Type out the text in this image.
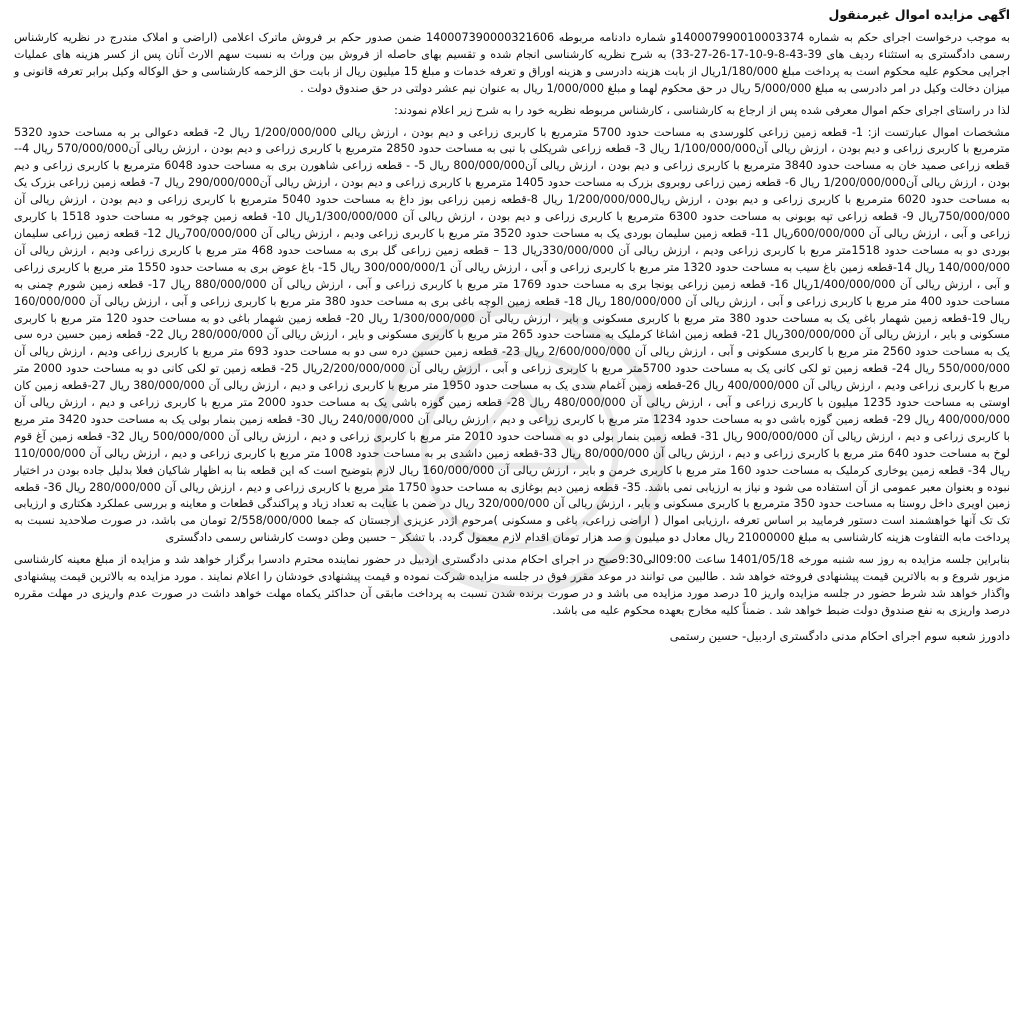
اگهی مزایده اموال غیرمنقول

به موجب درخواست اجرای حکم به شماره 140007990010003374و شماره دادنامه مربوطه 140007390000321606 ضمن صدور حکم بر فروش ماترک اعلامی (اراضی و املاک مندرج در نظریه کارشناس رسمی دادگستری به استثناء ردیف های 39-43-8-9-10-17-26-27-33) به شرح نظریه کارشناسی انجام شده و تقسیم بهای حاصله از فروش بین وراث به نسبت سهم الارث آنان پس از کسر هزینه های عملیات اجرایی محکوم علیه محکوم است به پرداخت مبلغ 1/180/000ریال از بابت هزینه دادرسی و هزینه اوراق و تعرفه خدمات و مبلغ 15 میلیون ریال از بابت حق الزحمه کارشناسی و حق الوکاله وکیل برابر تعرفه قانونی و میزان دخالت وکیل در امر دادرسی به مبلغ 5/000/000 ریال در حق محکوم لهما و مبلغ 1/000/000 ریال به عنوان نیم عشر دولتی در حق صندوق دولت .

لذا در راستای اجرای حکم اموال معرفی شده پس از ارجاع به کارشناسی ، کارشناس مربوطه نظریه خود را به شرح زیر اعلام نمودند:

مشخصات اموال عبارتست از: 1- قطعه زمین زراعی کلورسدی به مساحت حدود 5700 مترمربع با کاربری زراعی و دیم بودن ، ارزش ریالی 1/200/000/000 ریال 2- قطعه دعوالی بر به مساحت حدود 5320 مترمربع با کاربری زراعی و دیم بودن ، ارزش ریالی آن1/100/000/000 ریال 3- قطعه زراعی شریکلی با نبی به مساحت حدود 2850 مترمربع با کاربری زراعی و دیم بودن ، ارزش ریالی آن570/000/000 ریال 4-- قطعه زراعی صمید خان به مساحت حدود 3840 مترمربع با کاربری زراعی و دیم بودن ، ارزش ریالی آن800/000/000 ریال 5- - قطعه زراعی شاهورن بری به مساحت حدود 6048 مترمربع با کاربری زراعی و دیم بودن ، ارزش ریالی آن1/200/000/000 ریال 6- قطعه زمین زراعی روبروی بزرک به مساحت حدود 1405 مترمربع با کاربری زراعی و دیم بودن ، ارزش ریالی آن290/000/000 ریال 7- قطعه زمین زراعی بزرک یک به مساحت حدود 6020 مترمربع با کاربری زراعی و دیم بودن ، ارزش ریال1/200/000/000 ریال 8-قطعه زمین زراعی بوز داغ به مساحت حدود 5040 مترمربع با کاربری زراعی و دیم بودن ، ارزش ریالی آن 750/000/000ریال 9- قطعه زراعی تپه بوبونی به مساحت حدود 6300 مترمربع با کاربری زراعی و دیم بودن ، ارزش ریالی آن 1/300/000/000ریال 10- قطعه زمین چوخور به مساحت حدود 1518 با کاربری زراعی و آبی ، ارزش ریالی آن 600/000/000ریال 11- قطعه زمین سلیمان بوردی یک به مساحت حدود 3520 متر مربع با کاربری زراعی ودیم ، ارزش ریالی آن 700/000/000ریال 12- قطعه زمین زراعی سلیمان بوردی دو به مساحت حدود 1518متر مربع با کاربری زراعی ودیم ، ارزش ریالی آن 330/000/000ریال 13 – قطعه زمین زراعی گل بری به مساحت حدود 468 متر مربع با کاربری زراعی ودیم ، ارزش ریالی آن 140/000/000 ریال 14-قطعه زمین باغ سیب به مساحت حدود 1320 متر مربع با کاربری زراعی و آبی ، ارزش ریالی آن 300/000/000/1 ریال 15- باغ عوض بری به مساحت حدود 1550 متر مربع با کاربری زراعی و آبی ، ارزش ریالی آن 1/400/000/000ریال 16- قطعه زمین زراعی یونجا بری به مساحت حدود 1769 متر مربع با کاربری زراعی و آبی ، ارزش ریالی آن 880/000/000 ریال 17- قطعه زمین شورم چمنی به مساحت حدود 400 متر مربع با کاربری زراعی و آبی ، ارزش ریالی آن 180/000/000 ریال 18- قطعه زمین الوچه باغی بری به مساحت حدود 380 متر مربع با کاربری زراعی و آبی ، ارزش ریالی آن 160/000/000 ریال 19-قطعه زمین شهمار باغی یک به مساحت حدود 380 متر مربع با کاربری مسکونی و بایر ، ارزش ریالی آن 1/300/000/000 ریال 20- قطعه زمین شهمار باغی دو به مساحت حدود 120 متر مربع با کاربری مسکونی و بایر ، ارزش ریالی آن 300/000/000ریال 21- قطعه زمین اشاغا کرملیک به مساحت حدود 265 متر مربع با کاربری مسکونی و بایر ، ارزش ریالی آن 280/000/000 ریال 22- قطعه زمین حسین دره سی یک به مساحت حدود 2560 متر مربع با کاربری مسکونی و آبی ، ارزش ریالی آن 2/600/000/000 ریال 23- قطعه زمین حسین دره سی دو به مساحت حدود 693 متر مربع با کاربری زراعی ودیم ، ارزش ریالی آن 550/000/000 ریال 24- قطعه زمین تو لکی کانی یک به مساحت حدود 5700متر مربع با کاربری زراعی و آبی ، ارزش ریالی آن 2/200/000/000ریال 25- قطعه زمین تو لکی کانی دو به مساحت حدود 2000 متر مربع با کاربری زراعی ودیم ، ارزش ریالی آن 400/000/000 ریال 26-قطعه زمین آغمام سدی یک به مساحت حدود 1950 متر مربع با کاربری زراعی و دیم ، ارزش ریالی آن 380/000/000 ریال 27-قطعه زمین کان اوستی به مساحت حدود 1235 میلیون با کاربری زراعی و آبی ، ارزش ریالی آن 480/000/000 ریال 28- قطعه زمین گوزه باشی یک به مساحت حدود 2000 متر مربع با کاربری زراعی و دیم ، ارزش ریالی آن 400/000/000 ریال 29- قطعه زمین گوزه باشی دو به مساحت حدود 1234 متر مربع با کاربری زراعی و دیم ، ارزش ریالی آن 240/000/000 ریال 30- قطعه زمین بنمار بولی یک به مساحت حدود 3420 متر مربع با کاربری زراعی و دیم ، ارزش ریالی آن 900/000/000 ریال 31- قطعه زمین بنمار بولی دو به مساحت حدود 2010 متر مربع با کاربری زراعی و دیم ، ارزش ریالی آن 500/000/000 ریال 32- قطعه زمین آغ قوم لوخ به مساحت حدود 640 متر مربع با کاربری زراعی و دیم ، ارزش ریالی آن 80/000/000 ریال 33-قطعه زمین داشدی بر به مساحت حدود 1008 متر مربع با کاربری زراعی و دیم ، ارزش ریالی آن 110/000/000 ریال 34- قطعه زمین یوخاری کرملیک به مساحت حدود 160 متر مربع با کاربری خرمن و بایر ، ارزش ریالی آن 160/000/000 ریال لازم بتوضیح است که این قطعه بنا به اظهار شاکیان فعلا بدلیل جاده بودن در اختیار نبوده و بعنوان معبر عمومی از آن استفاده می شود و نیاز به ارزیابی نمی باشد. 35- قطعه زمین دیم بوغازی به مساحت حدود 1750 متر مربع با کاربری زراعی و دیم ، ارزش ریالی آن 280/000/000 ریال 36- قطعه زمین اویری داخل روستا به مساحت حدود 350 مترمربع با کاربری مسکونی و بایر ، ارزش ریالی آن 320/000/000 ریال در ضمن با عنایت به تعداد زیاد و پراکندگی قطعات و معاینه و بررسی عملکرد هکتاری و ارزیابی تک تک آنها خواهشمند است دستور فرمایید بر اساس تعرفه ،ارزیابی اموال ( اراضی زراعی، باغی و مسکونی )مرحوم اژدر عزیزی ارجستان که جمعا 2/558/000/000 تومان می باشد، در صورت صلاحدید نسبت به پرداخت مابه التفاوت هزینه کارشناسی به مبلغ 21000000 ریال معادل دو میلیون و صد هزار تومان اقدام لازم معمول گردد. با تشکر – حسین وطن دوست کارشناس رسمی دادگستری

بنابراین جلسه مزایده به روز سه شنبه مورخه 1401/05/18 ساعت 09:00الی9:30صبح در اجرای احکام مدنی دادگستری اردبیل در حضور نماینده محترم دادسرا برگزار خواهد شد و مزایده از مبلغ معینه کارشناسی مزبور شروع و به بالاترین قیمت پیشنهادی فروخته خواهد شد . طالبین می توانند در موعد مقرر فوق در جلسه مزایده شرکت نموده و قیمت پیشنهادی خودشان را اعلام نمایند . مورد مزایده به بالاترین قیمت پیشنهادی واگذار خواهد شد شرط حضور در جلسه مزایده واریز 10 درصد مورد مزایده می باشد و در صورت برنده شدن نسبت به پرداخت مابقی آن حداکثر یکماه مهلت خواهد داشت در صورت عدم واریزی در مهلت مقرره درصد واریزی به نفع صندوق دولت ضبط خواهد شد . ضمناً کلیه مخارج بعهده محکوم علیه می باشد.

دادورز شعبه سوم اجرای احکام مدنی دادگستری اردبیل- حسین رستمی
